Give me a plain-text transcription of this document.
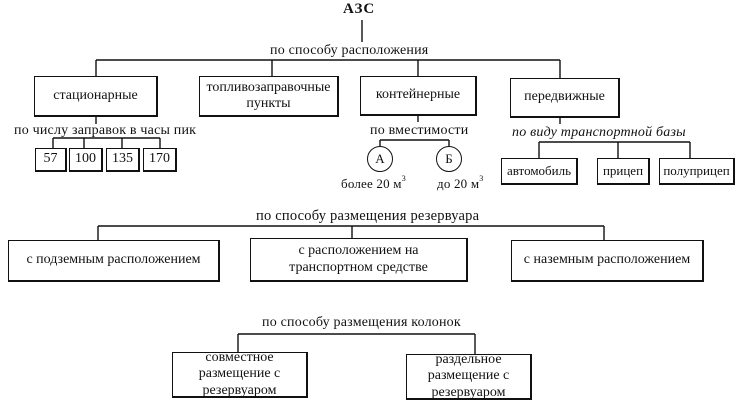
АЗС
по способу расположения
стационарные
топливозаправочные пункты
контейнерные	передвижные
по числу заправок в часы пик
57 100 135 170
по вместимости
А	Б
более 20 $м^3$ до 20 $м^3$
по виду транспортной базы
автомобиль прицеп полуприцеп
по способу размещения резервуара
с подземным расположением
с расположением на транспортном средстве	с наземным расположением
по способу размещения колонок
совместное размещение с резервуаром
раздельное размещение с резервуаром
